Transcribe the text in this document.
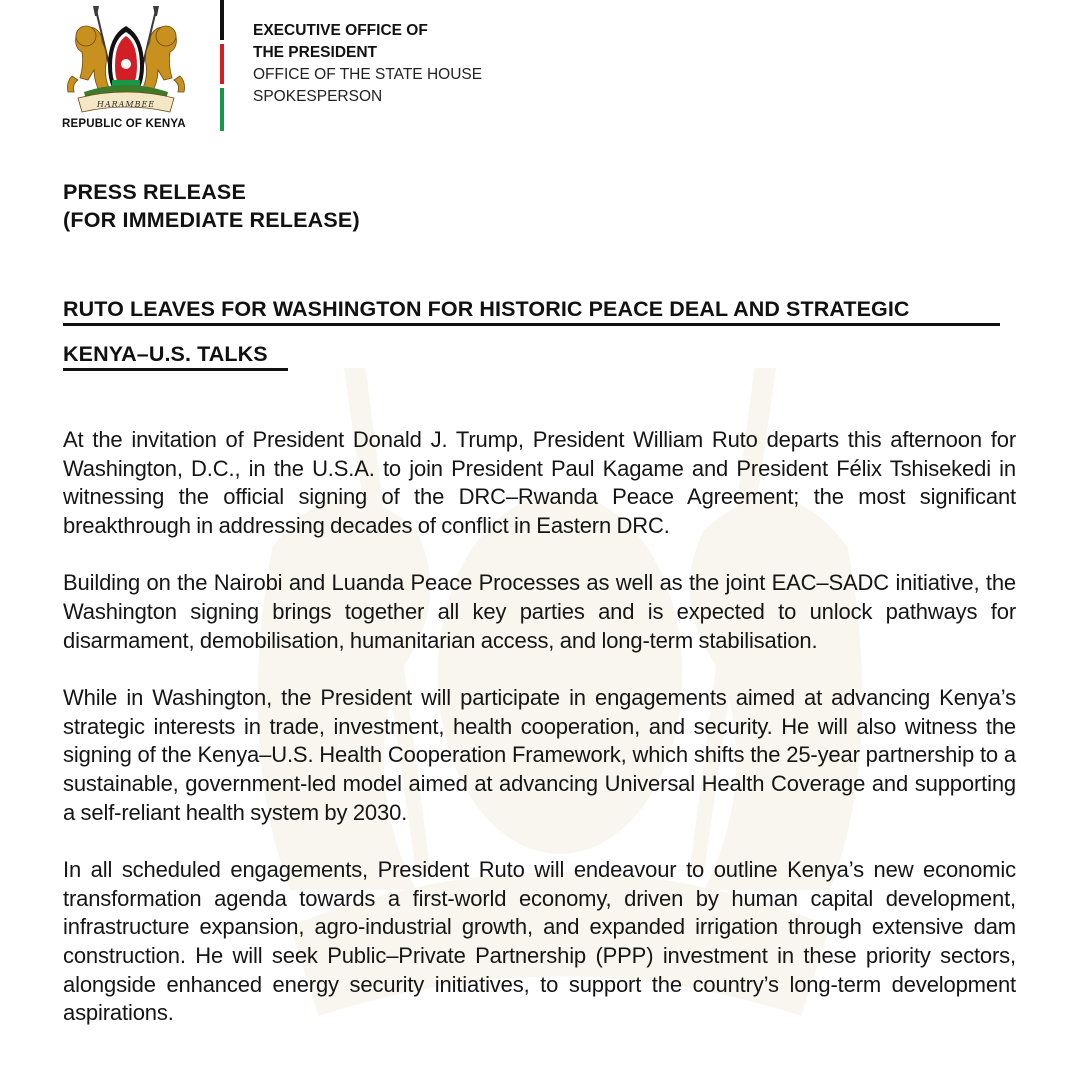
HARAMBEE
REPUBLIC OF KENYA
EXECUTIVE OFFICE OF
THE PRESIDENT
OFFICE OF THE STATE HOUSE
SPOKESPERSON
PRESS RELEASE
(FOR IMMEDIATE RELEASE)
RUTO LEAVES FOR WASHINGTON FOR HISTORIC PEACE DEAL AND STRATEGIC
KENYA–U.S. TALKS

At the invitation of President Donald J. Trump, President William Ruto departs this afternoon for Washington, D.C., in the U.S.A. to join President Paul Kagame and President Félix Tshisekedi in witnessing the official signing of the DRC–Rwanda Peace Agreement; the most significant breakthrough in addressing decades of conflict in Eastern DRC.

Building on the Nairobi and Luanda Peace Processes as well as the joint EAC–SADC initiative, the Washington signing brings together all key parties and is expected to unlock pathways for disarmament, demobilisation, humanitarian access, and long-term stabilisation.

While in Washington, the President will participate in engagements aimed at advancing Kenya’s strategic interests in trade, investment, health cooperation, and security. He will also witness the signing of the Kenya–U.S. Health Cooperation Framework, which shifts the 25-year partnership to a sustainable, government-led model aimed at advancing Universal Health Coverage and supporting a self-reliant health system by 2030.

In all scheduled engagements, President Ruto will endeavour to outline Kenya’s new economic transformation agenda towards a first-world economy, driven by human capital development, infrastructure expansion, agro-industrial growth, and expanded irrigation through extensive dam construction. He will seek Public–Private Partnership (PPP) investment in these priority sectors, alongside enhanced energy security initiatives, to support the country’s long-term development aspirations.
